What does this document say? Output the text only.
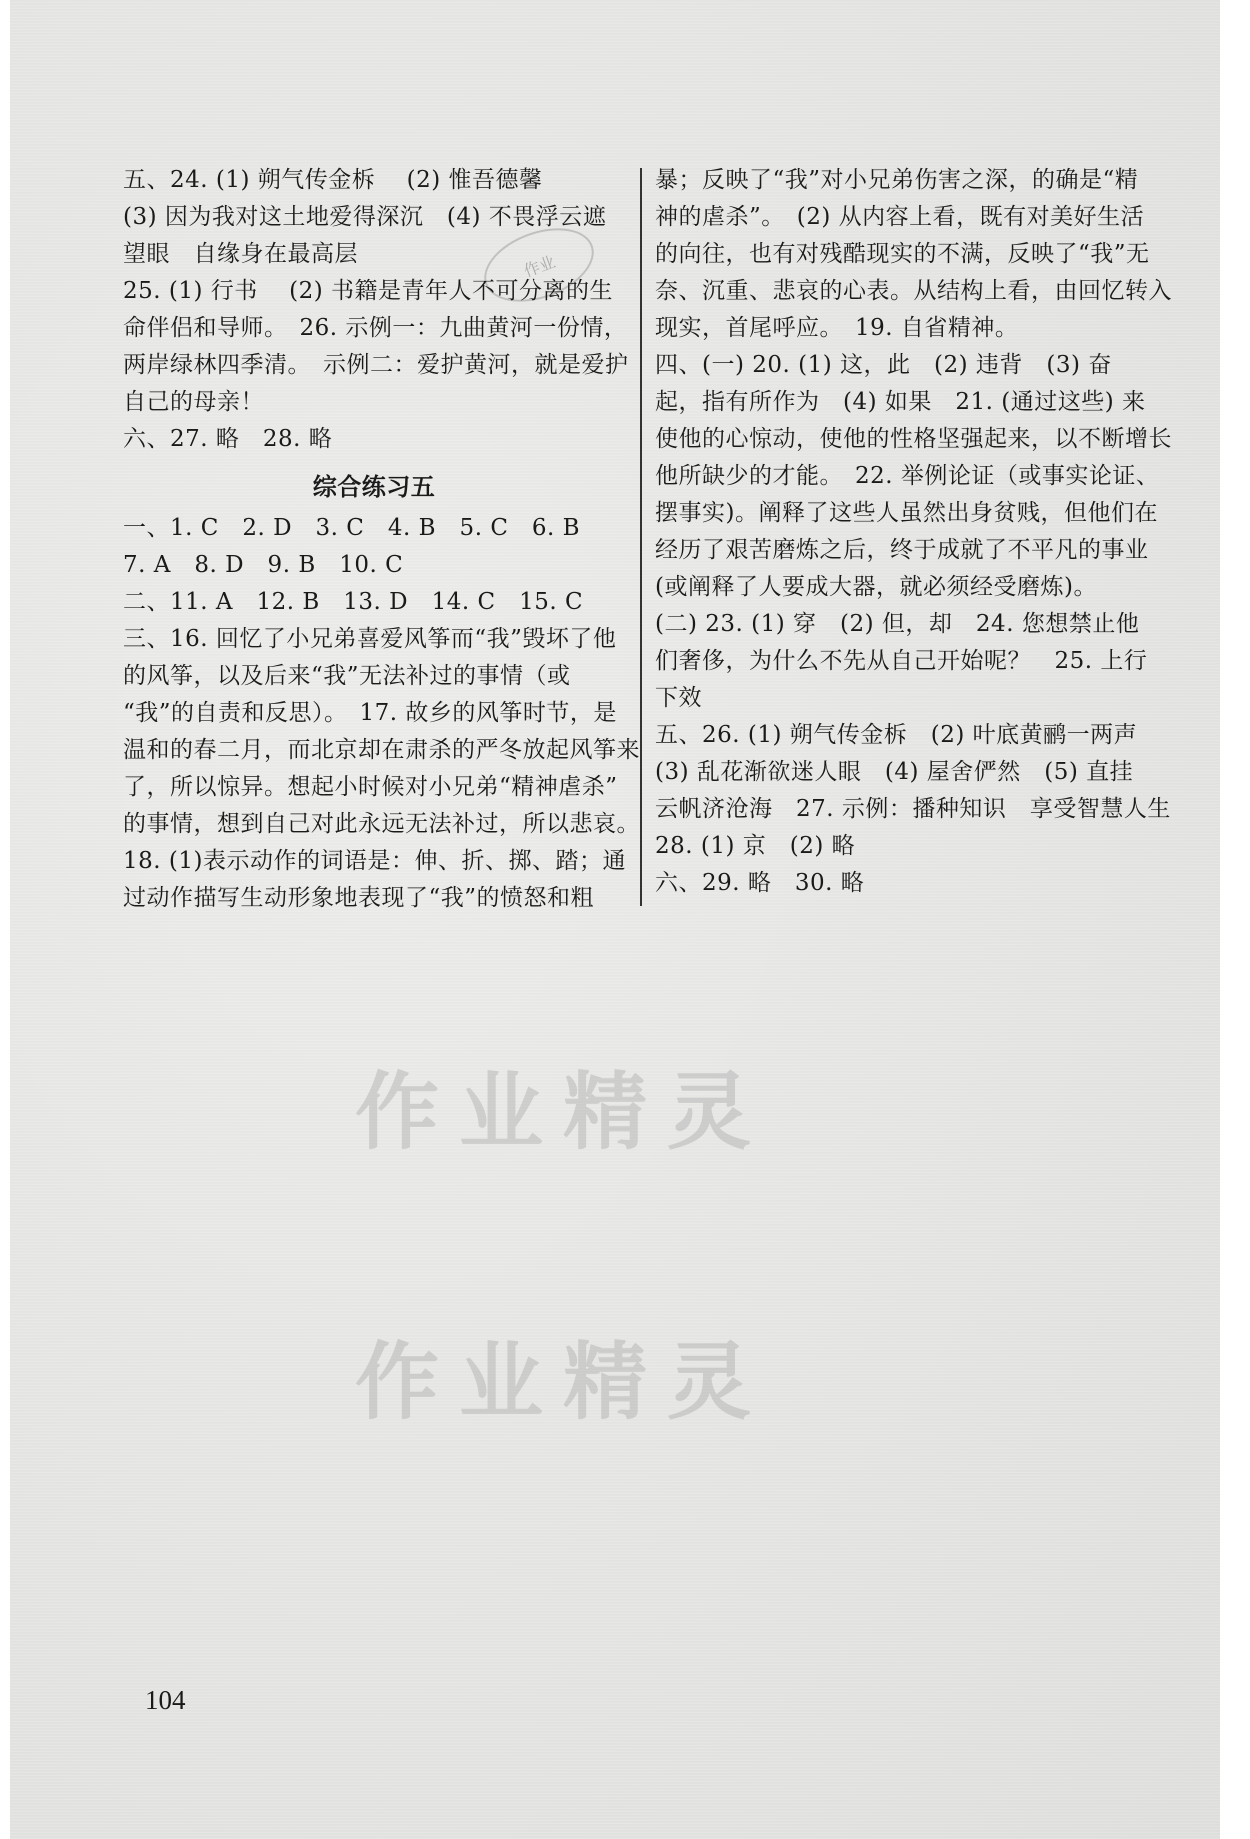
作业
五、24. (1) 朔气传金柝　 (2) 惟吾德馨
(3) 因为我对这土地爱得深沉　(4) 不畏浮云遮
望眼　自缘身在最高层
25. (1) 行书　 (2) 书籍是青年人不可分离的生
命伴侣和导师。　26. 示例一：九曲黄河一份情，
两岸绿林四季清。　示例二：爱护黄河，就是爱护
自己的母亲！
六、27. 略　28. 略
综合练习五
一、1. C　2. D　3. C　4. B　5. C　6. B
7. A　8. D　9. B　10. C
二、11. A　12. B　13. D　14. C　15. C
三、16. 回忆了小兄弟喜爱风筝而“我”毁坏了他
的风筝，以及后来“我”无法补过的事情（或
“我”的自责和反思）。　17. 故乡的风筝时节，是
温和的春二月，而北京却在肃杀的严冬放起风筝来
了，所以惊异。想起小时候对小兄弟“精神虐杀”
的事情，想到自己对此永远无法补过，所以悲哀。
18. (1)表示动作的词语是：伸、折、掷、踏；通
过动作描写生动形象地表现了“我”的愤怒和粗
暴；反映了“我”对小兄弟伤害之深，的确是“精
神的虐杀”。　(2) 从内容上看，既有对美好生活
的向往，也有对残酷现实的不满，反映了“我”无
奈、沉重、悲哀的心表。从结构上看，由回忆转入
现实，首尾呼应。　19. 自省精神。
四、(一) 20. (1) 这，此　(2) 违背　(3) 奋
起，指有所作为　(4) 如果　21. (通过这些) 来
使他的心惊动，使他的性格坚强起来，以不断增长
他所缺少的才能。　22. 举例论证（或事实论证、
摆事实)。阐释了这些人虽然出身贫贱，但他们在
经历了艰苦磨炼之后，终于成就了不平凡的事业
(或阐释了人要成大器，就必须经受磨炼)。
(二) 23. (1) 穿　(2) 但，却　24. 您想禁止他
们奢侈，为什么不先从自己开始呢？　25. 上行
下效
五、26. (1) 朔气传金柝　(2) 叶底黄鹂一两声
(3) 乱花渐欲迷人眼　(4) 屋舍俨然　(5) 直挂
云帆济沧海　27. 示例：播种知识　享受智慧人生
28. (1) 京　(2) 略
六、29. 略　30. 略
作业精灵
作业精灵
104
